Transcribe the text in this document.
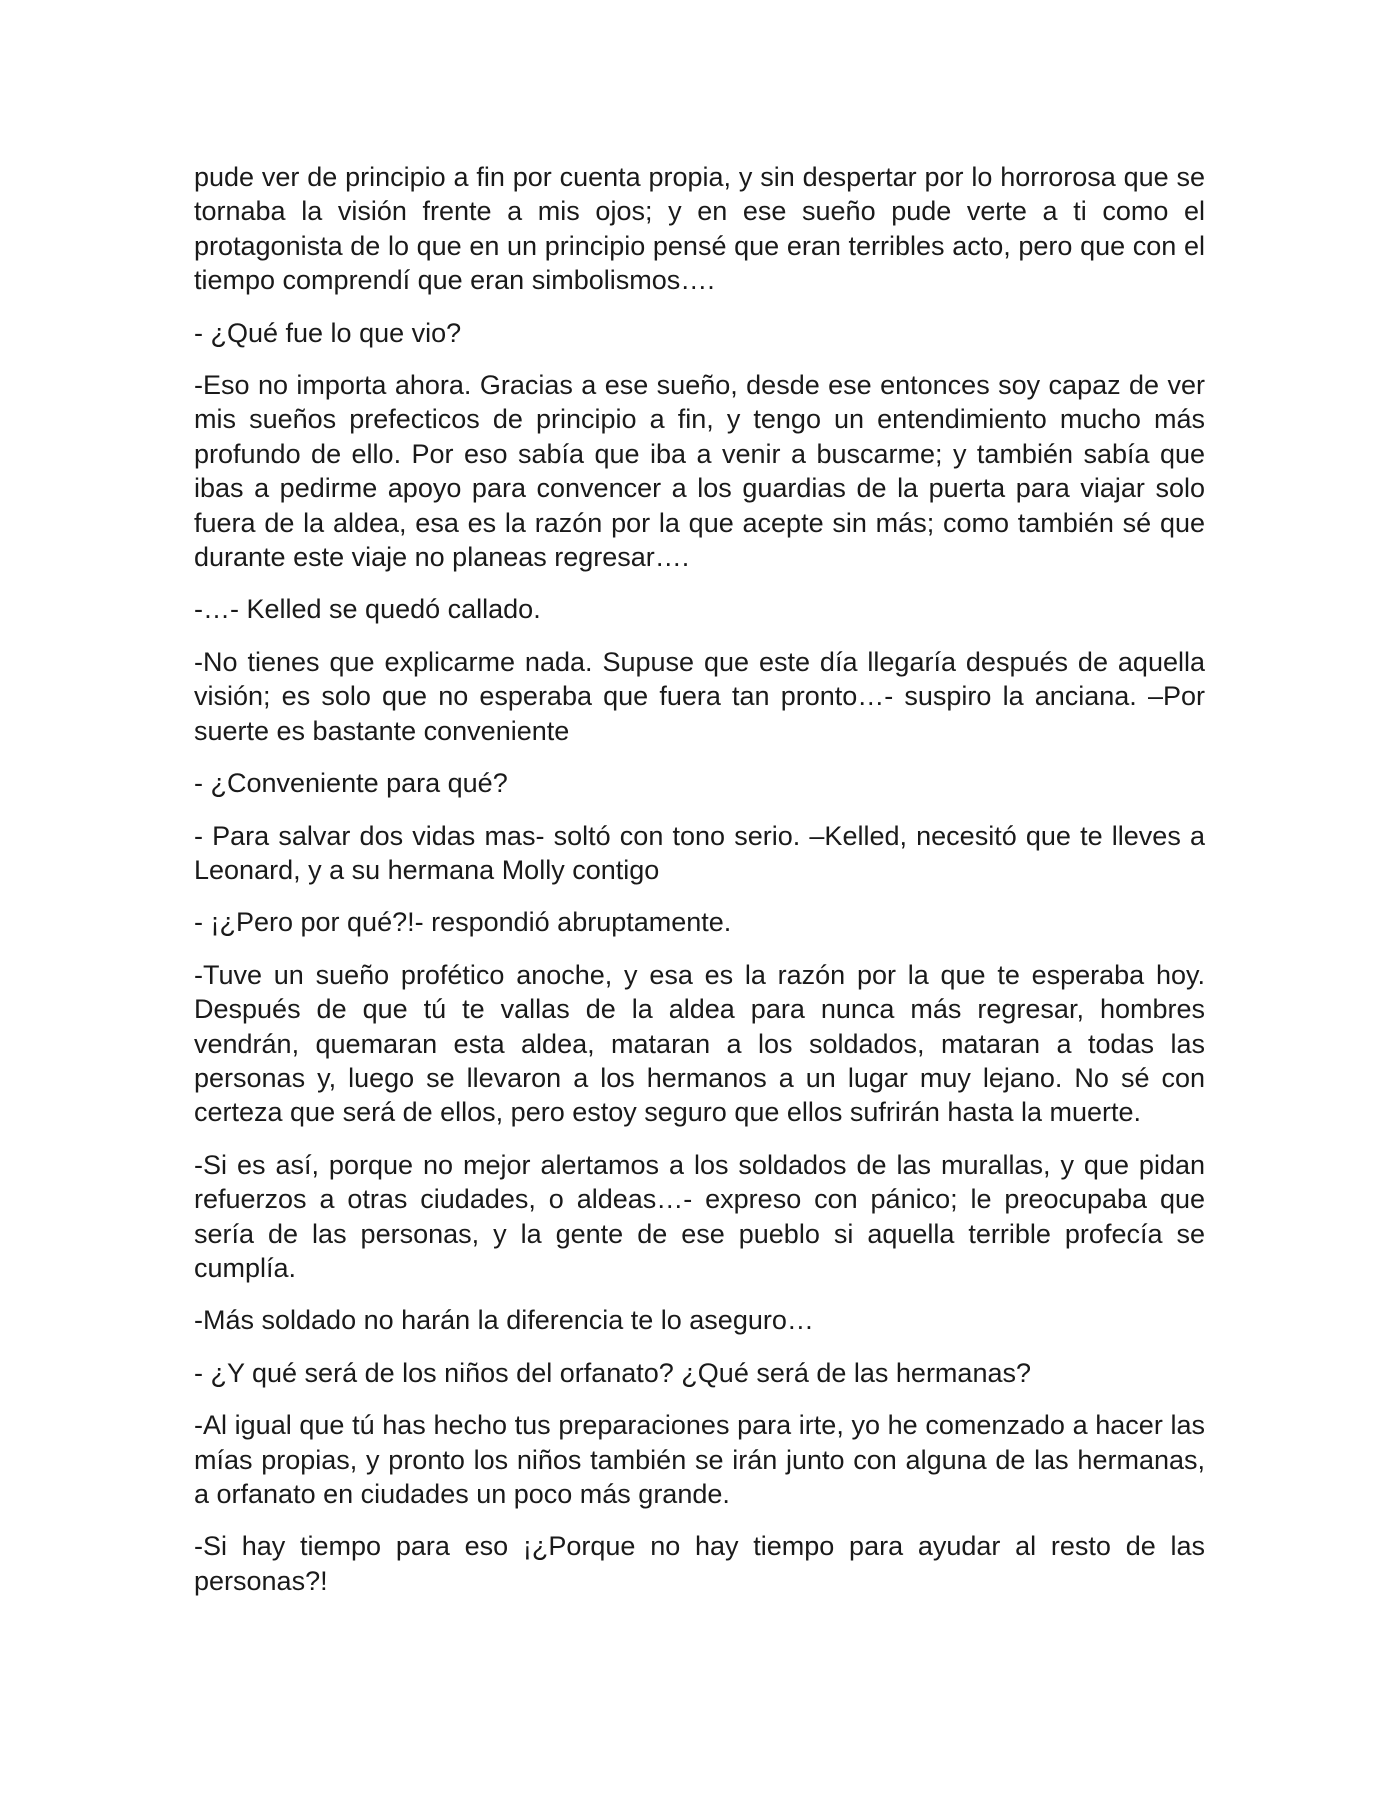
pude ver de principio a fin por cuenta propia, y sin despertar por lo horrorosa que se tornaba la visión frente a mis ojos; y en ese sueño pude verte a ti como el protagonista de lo que en un principio pensé que eran terribles acto, pero que con el tiempo comprendí que eran simbolismos….

- ¿Qué fue lo que vio?

-Eso no importa ahora. Gracias a ese sueño, desde ese entonces soy capaz de ver mis sueños prefecticos de principio a fin, y tengo un entendimiento mucho más profundo de ello. Por eso sabía que iba a venir a buscarme; y también sabía que ibas a pedirme apoyo para convencer a los guardias de la puerta para viajar solo fuera de la aldea, esa es la razón por la que acepte sin más; como también sé que durante este viaje no planeas regresar….

-…- Kelled se quedó callado.

-No tienes que explicarme nada. Supuse que este día llegaría después de aquella visión; es solo que no esperaba que fuera tan pronto…- suspiro la anciana. –Por suerte es bastante conveniente

- ¿Conveniente para qué?

- Para salvar dos vidas mas- soltó con tono serio. –Kelled, necesitó que te lleves a Leonard, y a su hermana Molly contigo

- ¡¿Pero por qué?!- respondió abruptamente.

-Tuve un sueño profético anoche, y esa es la razón por la que te esperaba hoy. Después de que tú te vallas de la aldea para nunca más regresar, hombres vendrán, quemaran esta aldea, mataran a los soldados, mataran a todas las personas y, luego se llevaron a los hermanos a un lugar muy lejano. No sé con certeza que será de ellos, pero estoy seguro que ellos sufrirán hasta la muerte.

-Si es así, porque no mejor alertamos a los soldados de las murallas, y que pidan refuerzos a otras ciudades, o aldeas…- expreso con pánico; le preocupaba que sería de las personas, y la gente de ese pueblo si aquella terrible profecía se cumplía.

-Más soldado no harán la diferencia te lo aseguro…

- ¿Y qué será de los niños del orfanato? ¿Qué será de las hermanas?

-Al igual que tú has hecho tus preparaciones para irte, yo he comenzado a hacer las mías propias, y pronto los niños también se irán junto con alguna de las hermanas, a orfanato en ciudades un poco más grande.

-Si hay tiempo para eso ¡¿Porque no hay tiempo para ayudar al resto de las personas?!
